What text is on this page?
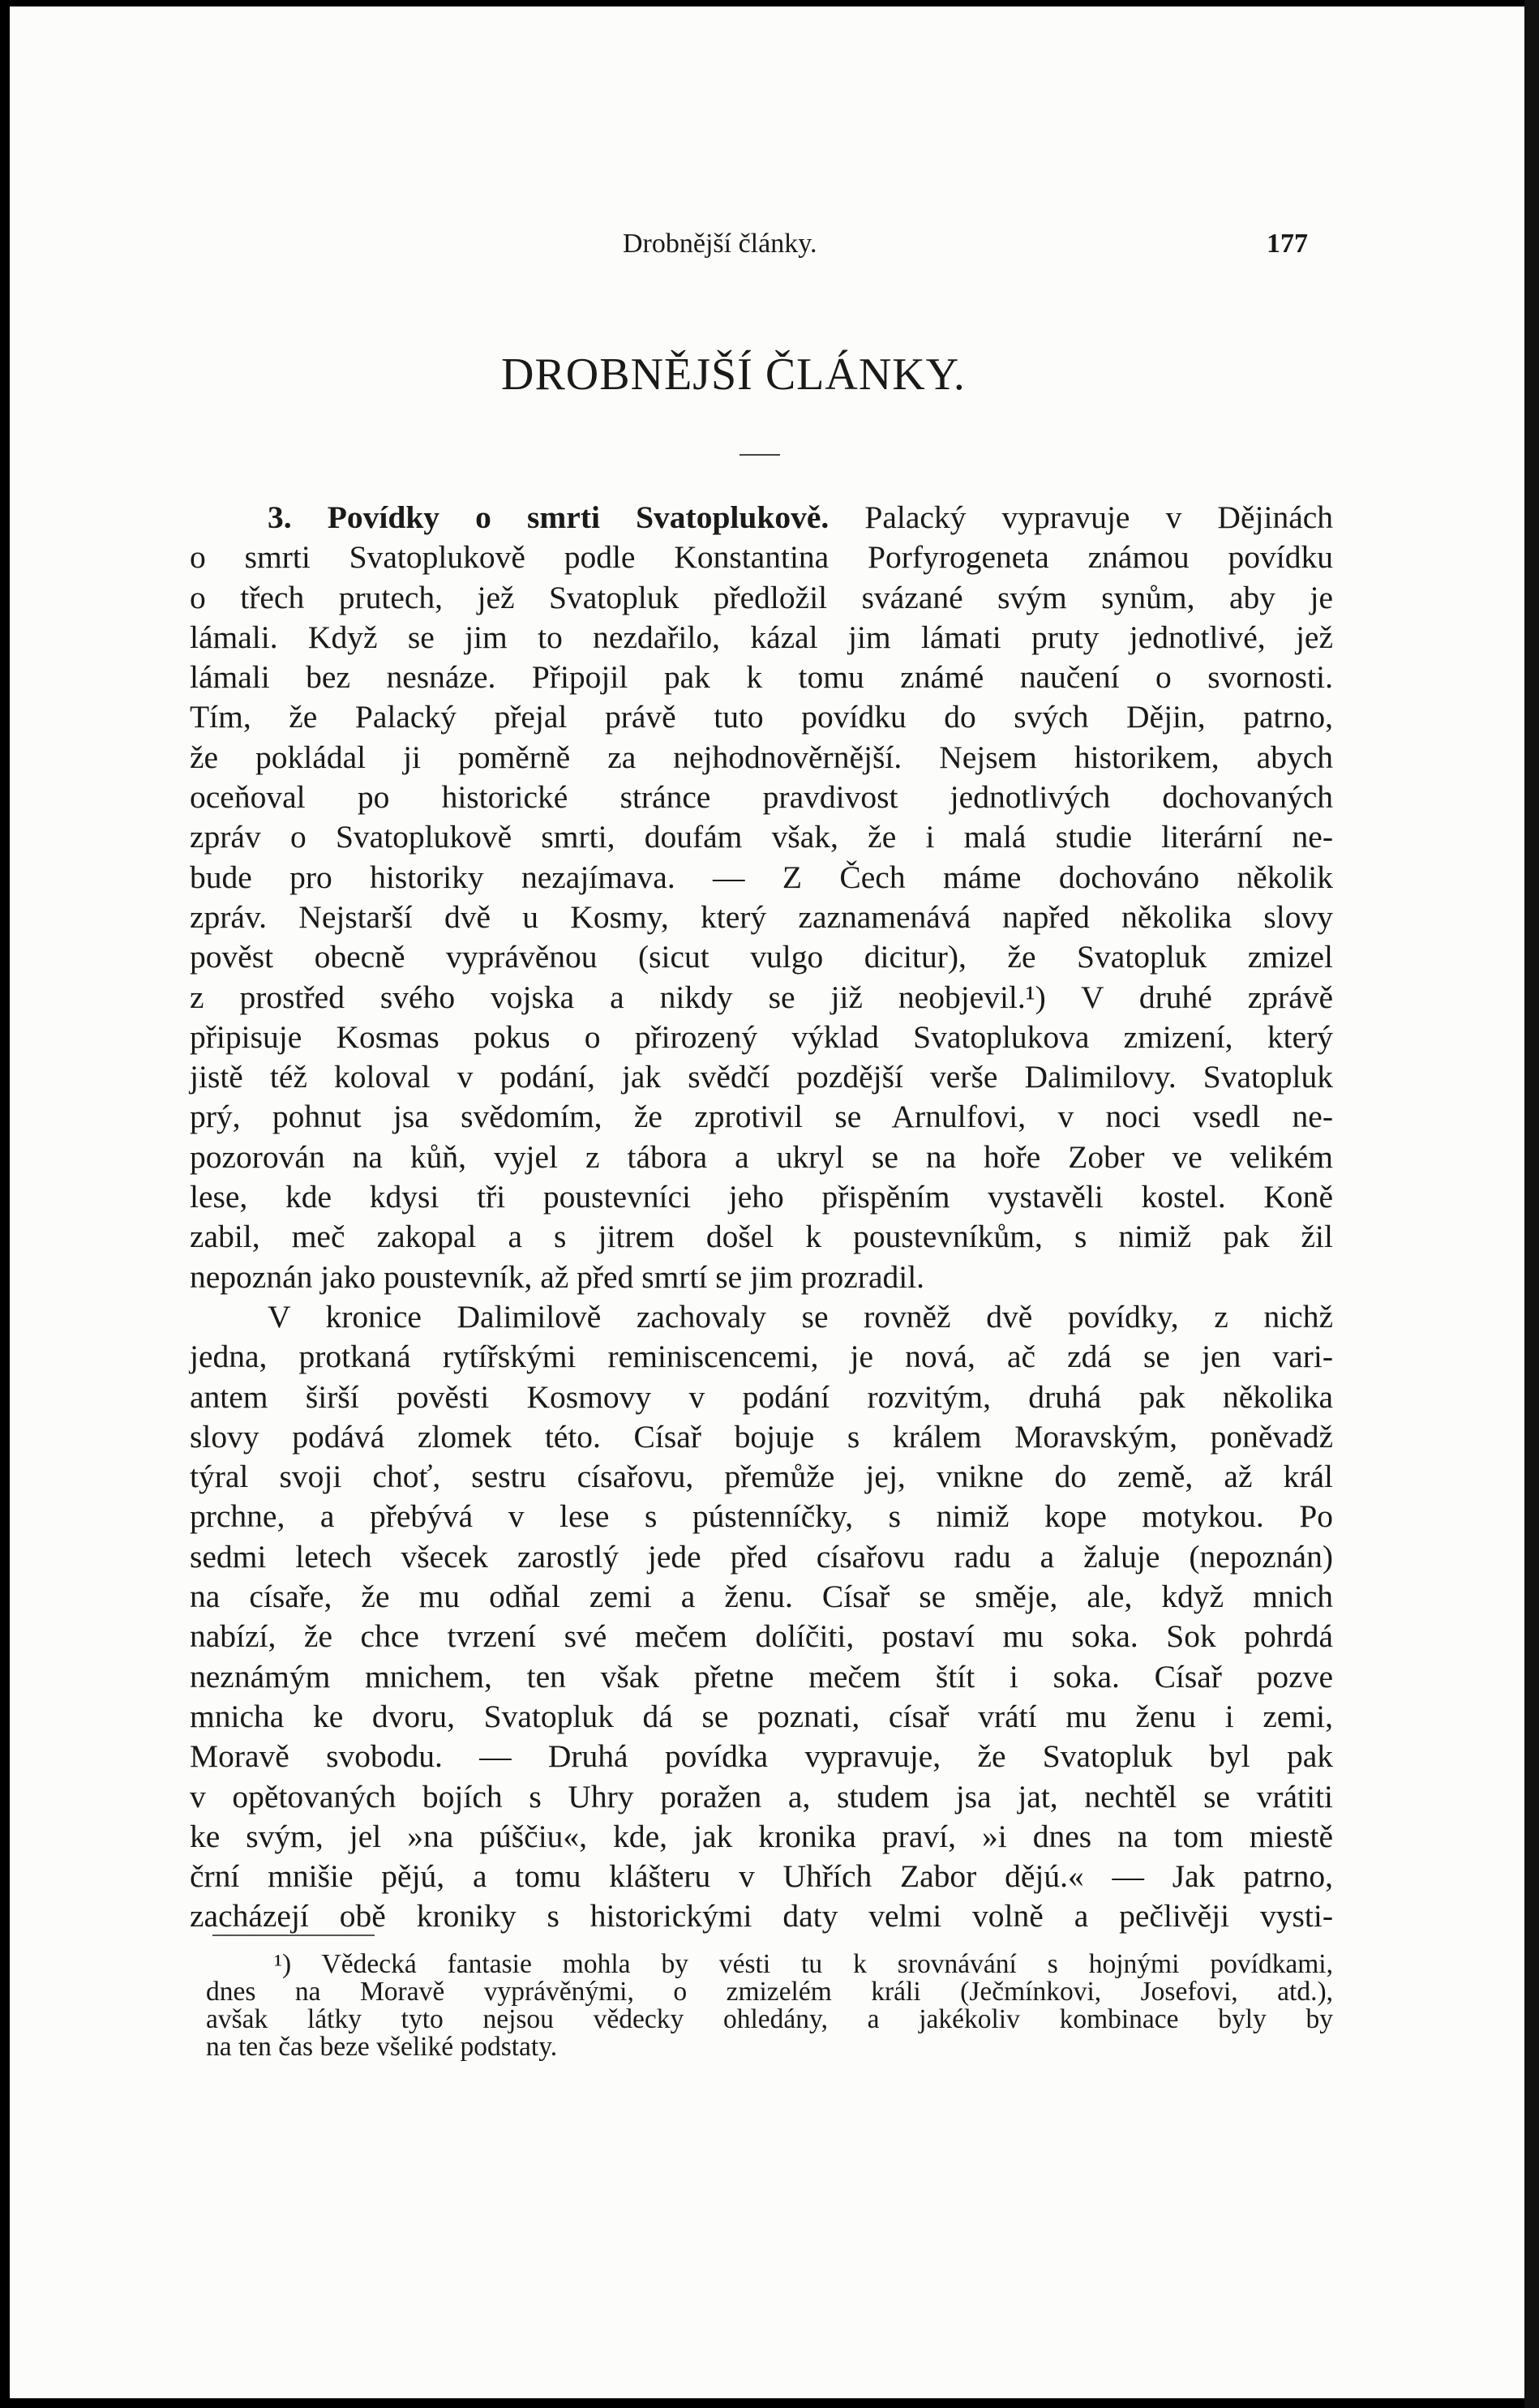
Drobnější články.	177
DROBNĚJŠÍ ČLÁNKY.
3. Povídky o smrti Svatoplukově. Palacký vypravuje v Dějinách
o smrti Svatoplukově podle Konstantina Porfyrogeneta známou povídku
o třech prutech, jež Svatopluk předložil svázané svým synům, aby je
lámali. Když se jim to nezdařilo, kázal jim lámati pruty jednotlivé, jež
lámali bez nesnáze. Připojil pak k tomu známé naučení o svornosti.
Tím, že Palacký přejal právě tuto povídku do svých Dějin, patrno,
že pokládal ji poměrně za nejhodnověrnější. Nejsem historikem, abych
oceňoval po historické stránce pravdivost jednotlivých dochovaných
zpráv o Svatoplukově smrti, doufám však, že i malá studie literární ne-
bude pro historiky nezajímava. — Z Čech máme dochováno několik
zpráv. Nejstarší dvě u Kosmy, který zaznamenává napřed několika slovy
pověst obecně vyprávěnou (sicut vulgo dicitur), že Svatopluk zmizel
z prostřed svého vojska a nikdy se již neobjevil.¹) V druhé zprávě
připisuje Kosmas pokus o přirozený výklad Svatoplukova zmizení, který
jistě též koloval v podání, jak svědčí pozdější verše Dalimilovy. Svatopluk
prý, pohnut jsa svědomím, že zprotivil se Arnulfovi, v noci vsedl ne-
pozorován na kůň, vyjel z tábora a ukryl se na hoře Zober ve velikém
lese, kde kdysi tři poustevníci jeho přispěním vystavěli kostel. Koně
zabil, meč zakopal a s jitrem došel k poustevníkům, s nimiž pak žil
nepoznán jako poustevník, až před smrtí se jim prozradil.
V kronice Dalimilově zachovaly se rovněž dvě povídky, z nichž
jedna, protkaná rytířskými reminiscencemi, je nová, ač zdá se jen vari-
antem širší pověsti Kosmovy v podání rozvitým, druhá pak několika
slovy podává zlomek této. Císař bojuje s králem Moravským, poněvadž
týral svoji choť, sestru císařovu, přemůže jej, vnikne do země, až král
prchne, a přebývá v lese s pústenníčky, s nimiž kope motykou. Po
sedmi letech všecek zarostlý jede před císařovu radu a žaluje (nepoznán)
na císaře, že mu odňal zemi a ženu. Císař se směje, ale, když mnich
nabízí, že chce tvrzení své mečem dolíčiti, postaví mu soka. Sok pohrdá
neznámým mnichem, ten však přetne mečem štít i soka. Císař pozve
mnicha ke dvoru, Svatopluk dá se poznati, císař vrátí mu ženu i zemi,
Moravě svobodu. — Druhá povídka vypravuje, že Svatopluk byl pak
v opětovaných bojích s Uhry poražen a, studem jsa jat, nechtěl se vrátiti
ke svým, jel »na púščiu«, kde, jak kronika praví, »i dnes na tom miestě
črní mnišie pějú, a tomu klášteru v Uhřích Zabor dějú.« — Jak patrno,
zacházejí obě kroniky s historickými daty velmi volně a pečlivěji vysti-
¹) Vědecká fantasie mohla by vésti tu k srovnávání s hojnými povídkami,
dnes na Moravě vyprávěnými, o zmizelém králi (Ječmínkovi, Josefovi, atd.),
avšak látky tyto nejsou vědecky ohledány, a jakékoliv kombinace byly by
na ten čas beze všeliké podstaty.
